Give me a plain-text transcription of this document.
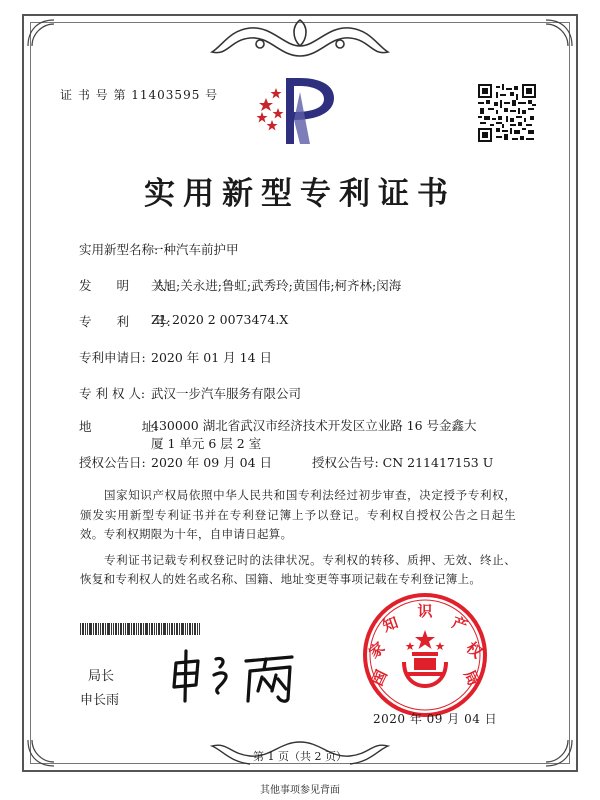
证 书 号 第 11403595 号
实用新型专利证书
实用新型名称:一种汽车前护甲
发　　明　　人:关旭;关永进;鲁虹;武秀玲;黄国伟;柯齐林;闵海
专　　利　　号:ZL 2020 2 0073474.X
专利申请日: 2020 年 01 月 14 日
专 利 权 人: 武汉一步汽车服务有限公司
地　　　　址:430000 湖北省武汉市经济技术开发区立业路 16 号金鑫大
厦 1 单元 6 层 2 室
授权公告日: 2020 年 09 月 04 日	授权公告号: CN 211417153 U

国家知识产权局依照中华人民共和国专利法经过初步审查，决定授予专利权，颁发实用新型专利证书并在专利登记簿上予以登记。专利权自授权公告之日起生效。专利权期限为十年，自申请日起算。

专利证书记载专利权登记时的法律状况。专利权的转移、质押、无效、终止、恢复和专利权人的姓名或名称、国籍、地址变更等事项记载在专利登记簿上。

局长
申长雨
国
家
知
识
产
权
局
2020 年 09 月 04 日
第 1 页（共 2 页）
其他事项参见背面
